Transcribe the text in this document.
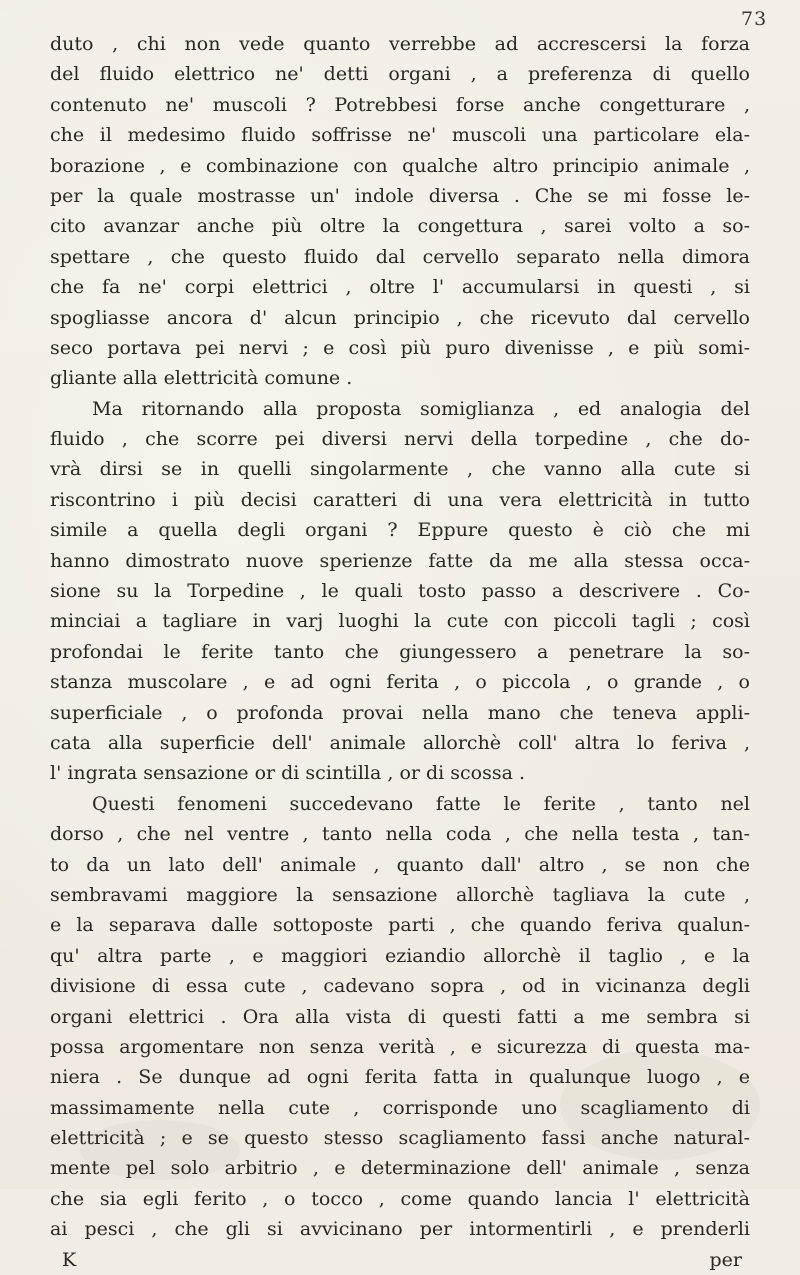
73
duto , chi non vede quanto verrebbe ad accrescersi la forza
del fluido elettrico ne' detti organi , a preferenza di quello
contenuto ne' muscoli ? Potrebbesi forse anche congetturare ,
che il medesimo fluido soffrisse ne' muscoli una particolare ela-
borazione , e combinazione con qualche altro principio animale ,
per la quale mostrasse un' indole diversa . Che se mi fosse le-
cito avanzar anche più oltre la congettura , sarei volto a so-
spettare , che questo fluido dal cervello separato nella dimora
che fa ne' corpi elettrici , oltre l' accumularsi in questi , si
spogliasse ancora d' alcun principio , che ricevuto dal cervello
seco portava pei nervi ; e così più puro divenisse , e più somi-
gliante alla elettricità comune .
Ma ritornando alla proposta somiglianza , ed analogia del
fluido , che scorre pei diversi nervi della torpedine , che do-
vrà dirsi se in quelli singolarmente , che vanno alla cute si
riscontrino i più decisi caratteri di una vera elettricità in tutto
simile a quella degli organi ? Eppure questo è ciò che mi
hanno dimostrato nuove sperienze fatte da me alla stessa occa-
sione su la Torpedine , le quali tosto passo a descrivere . Co-
minciai a tagliare in varj luoghi la cute con piccoli tagli ; così
profondai le ferite tanto che giungessero a penetrare la so-
stanza muscolare , e ad ogni ferita , o piccola , o grande , o
superficiale , o profonda provai nella mano che teneva appli-
cata alla superficie dell' animale allorchè coll' altra lo feriva ,
l' ingrata sensazione or di scintilla , or di scossa .
Questi fenomeni succedevano fatte le ferite , tanto nel
dorso , che nel ventre , tanto nella coda , che nella testa , tan-
to da un lato dell' animale , quanto dall' altro , se non che
sembravami maggiore la sensazione allorchè tagliava la cute ,
e la separava dalle sottoposte parti , che quando feriva qualun-
qu' altra parte , e maggiori eziandio allorchè il taglio , e la
divisione di essa cute , cadevano sopra , od in vicinanza degli
organi elettrici . Ora alla vista di questi fatti a me sembra si
possa argomentare non senza verità , e sicurezza di questa ma-
niera . Se dunque ad ogni ferita fatta in qualunque luogo , e
massimamente nella cute , corrisponde uno scagliamento di
elettricità ; e se questo stesso scagliamento fassi anche natural-
mente pel solo arbitrio , e determinazione dell' animale , senza
che sia egli ferito , o tocco , come quando lancia l' elettricità
ai pesci , che gli si avvicinano per intormentirli , e prenderli
K	per
